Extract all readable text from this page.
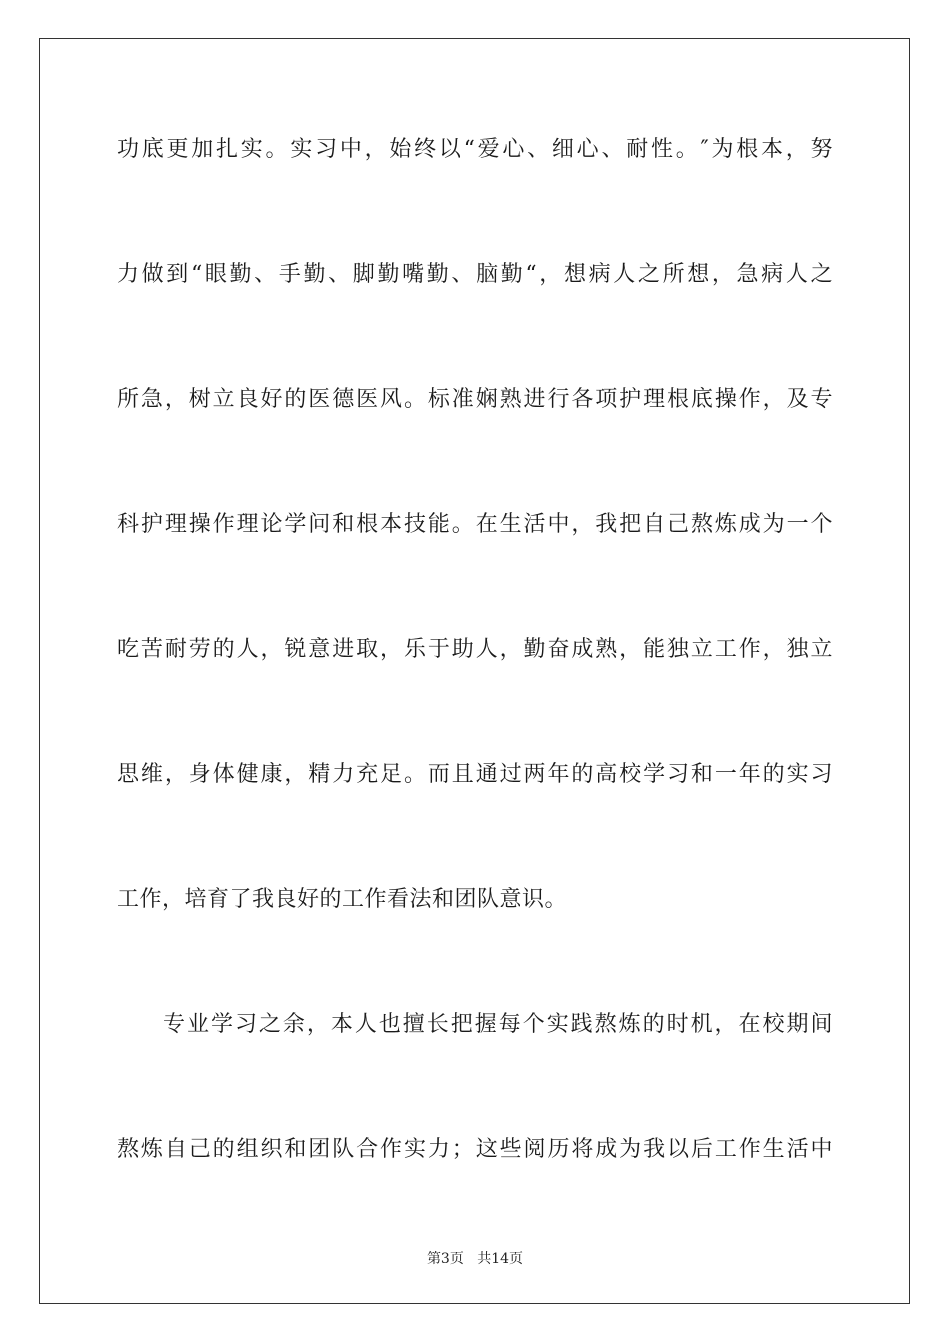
功底更加扎实。实习中，始终以“爱心、细心、耐性。″为根本，努
力做到“眼勤、手勤、脚勤嘴勤、脑勤“，想病人之所想，急病人之
所急，树立良好的医德医风。标准娴熟进行各项护理根底操作，及专
科护理操作理论学问和根本技能。在生活中，我把自己熬炼成为一个
吃苦耐劳的人，锐意进取，乐于助人，勤奋成熟，能独立工作，独立
思维，身体健康，精力充足。而且通过两年的高校学习和一年的实习
工作，培育了我良好的工作看法和团队意识。
专业学习之余，本人也擅长把握每个实践熬炼的时机，在校期间
熬炼自己的组织和团队合作实力；这些阅历将成为我以后工作生活中
第3页 共14页
